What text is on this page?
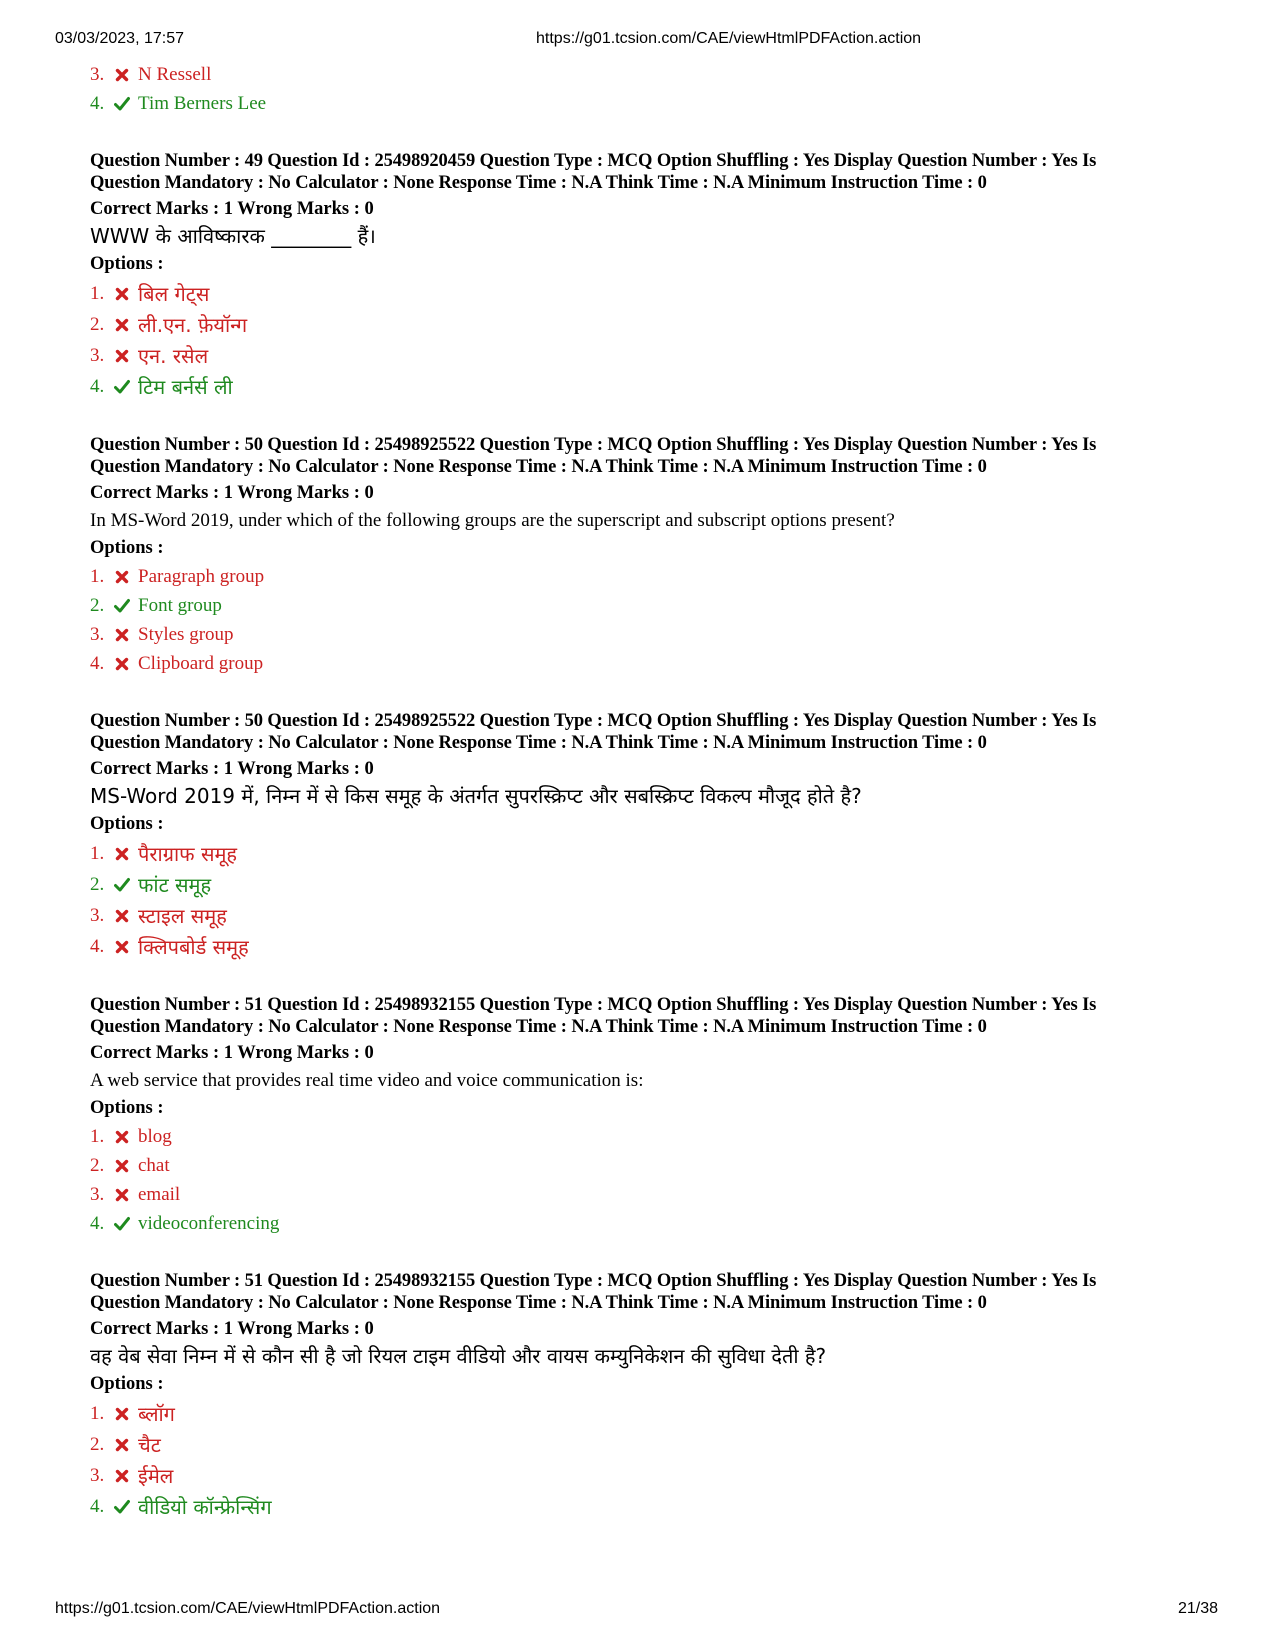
03/03/2023, 17:57	https://g01.tcsion.com/CAE/viewHtmlPDFAction.action
3.	N Ressell
4.	Tim Berners Lee
Question Number : 49 Question Id : 25498920459 Question Type : MCQ Option Shuffling : Yes Display Question Number : Yes Is
Question Mandatory : No Calculator : None Response Time : N.A Think Time : N.A Minimum Instruction Time : 0
Correct Marks : 1 Wrong Marks : 0
WWW के आविष्कारक ________ हैं।
Options :
1.	बिल गेट्स
2.	ली.एन. फ़ेयॉन्ग
3.	एन. रसेल
4.	टिम बर्नर्स ली
Question Number : 50 Question Id : 25498925522 Question Type : MCQ Option Shuffling : Yes Display Question Number : Yes Is
Question Mandatory : No Calculator : None Response Time : N.A Think Time : N.A Minimum Instruction Time : 0
Correct Marks : 1 Wrong Marks : 0
In MS-Word 2019, under which of the following groups are the superscript and subscript options present?
Options :
1.	Paragraph group
2.	Font group
3.	Styles group
4.	Clipboard group
Question Number : 50 Question Id : 25498925522 Question Type : MCQ Option Shuffling : Yes Display Question Number : Yes Is
Question Mandatory : No Calculator : None Response Time : N.A Think Time : N.A Minimum Instruction Time : 0
Correct Marks : 1 Wrong Marks : 0
MS-Word 2019 में, निम्न में से किस समूह के अंतर्गत सुपरस्क्रिप्ट और सबस्क्रिप्ट विकल्प मौजूद होते है?
Options :
1.	पैराग्राफ समूह
2.	फांट समूह
3.	स्टाइल समूह
4.	क्लिपबोर्ड समूह
Question Number : 51 Question Id : 25498932155 Question Type : MCQ Option Shuffling : Yes Display Question Number : Yes Is
Question Mandatory : No Calculator : None Response Time : N.A Think Time : N.A Minimum Instruction Time : 0
Correct Marks : 1 Wrong Marks : 0
A web service that provides real time video and voice communication is:
Options :
1.	blog
2.	chat
3.	email
4.	videoconferencing
Question Number : 51 Question Id : 25498932155 Question Type : MCQ Option Shuffling : Yes Display Question Number : Yes Is
Question Mandatory : No Calculator : None Response Time : N.A Think Time : N.A Minimum Instruction Time : 0
Correct Marks : 1 Wrong Marks : 0
वह वेब सेवा निम्न में से कौन सी है जो रियल टाइम वीडियो और वायस कम्युनिकेशन की सुविधा देती है?
Options :
1.	ब्लॉग
2.	चैट
3.	ईमेल
4.	वीडियो कॉन्फ्रेन्सिंग
https://g01.tcsion.com/CAE/viewHtmlPDFAction.action	21/38
